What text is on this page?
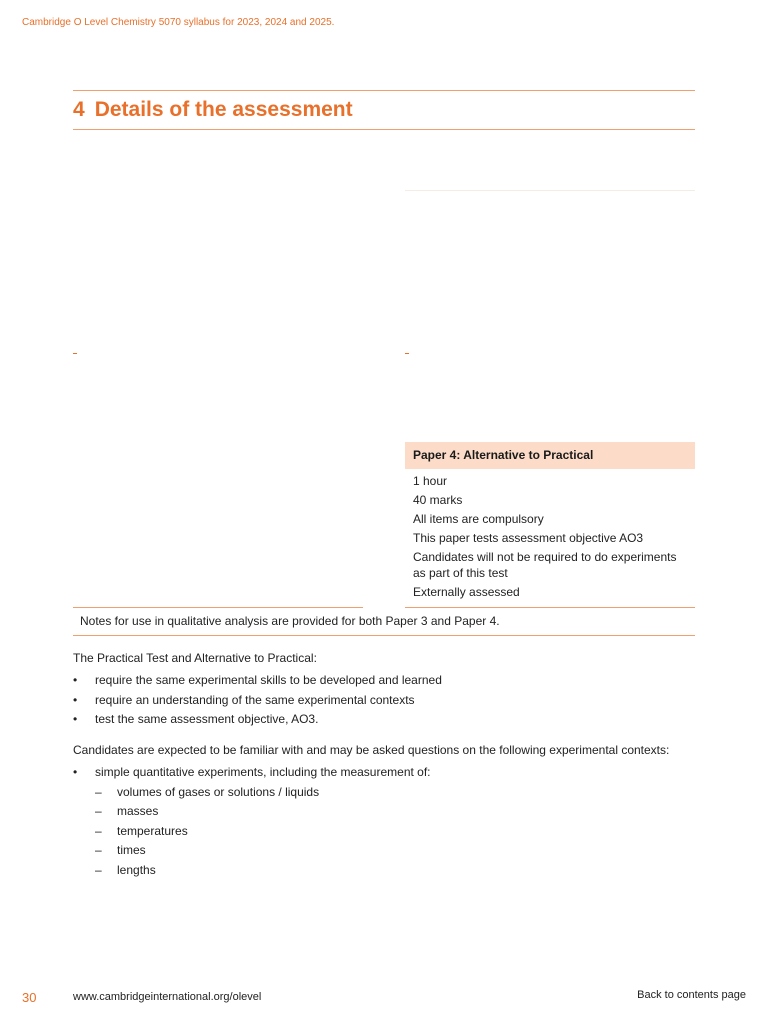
Cambridge O Level Chemistry 5070 syllabus for 2023, 2024 and 2025.
4 Details of the assessment
Paper 4: Alternative to Practical
1 hour
40 marks
All items are compulsory
This paper tests assessment objective AO3
Candidates will not be required to do experiments as part of this test
Externally assessed
Notes for use in qualitative analysis are provided for both Paper 3 and Paper 4.
The Practical Test and Alternative to Practical:
• require the same experimental skills to be developed and learned
• require an understanding of the same experimental contexts
• test the same assessment objective, AO3.
Candidates are expected to be familiar with and may be asked questions on the following experimental contexts:
• simple quantitative experiments, including the measurement of:
– volumes of gases or solutions / liquids
– masses
– temperatures
– times
– lengths
30	www.cambridgeinternational.org/olevel	Back to contents page
